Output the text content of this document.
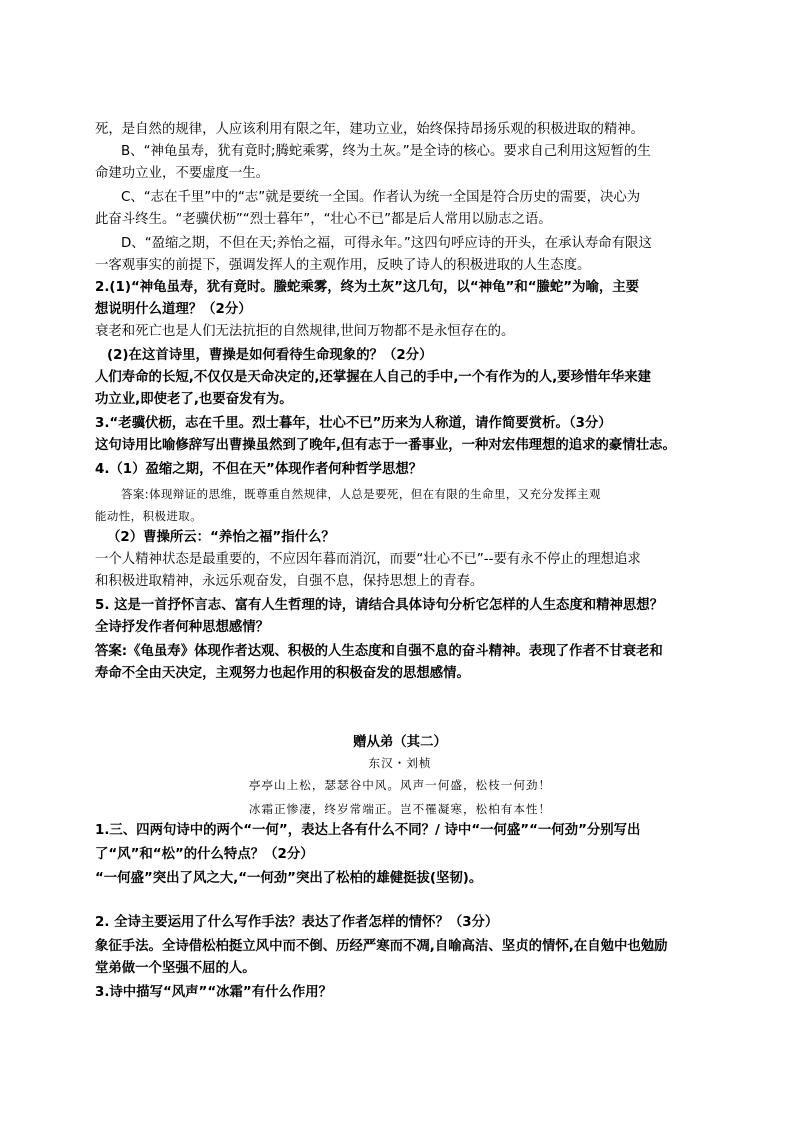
死，是自然的规律，人应该利用有限之年，建功立业，始终保持昂扬乐观的积极进取的精神。
B、“神龟虽寿，犹有竟时;腾蛇乘雾，终为土灰。”是全诗的核心。要求自己利用这短暂的生
命建功立业，不要虚度一生。
C、“志在千里”中的“志”就是要统一全国。作者认为统一全国是符合历史的需要，决心为
此奋斗终生。“老骥伏枥”“烈士暮年”，“壮心不已”都是后人常用以励志之语。
D、“盈缩之期，不但在天;养怡之福，可得永年。”这四句呼应诗的开头，在承认寿命有限这
一客观事实的前提下，强调发挥人的主观作用，反映了诗人的积极进取的人生态度。
2.(1)“神龟虽寿，犹有竟时。螣蛇乘雾，终为土灰”这几句，以“神龟”和“螣蛇”为喻，主要
想说明什么道理？（2分）
衰老和死亡也是人们无法抗拒的自然规律,世间万物都不是永恒存在的。
(2)在这首诗里，曹操是如何看待生命现象的？（2分）
人们寿命的长短,不仅仅是天命决定的,还掌握在人自己的手中,一个有作为的人,要珍惜年华来建
功立业,即使老了,也要奋发有为。
3.“老骥伏枥，志在千里。烈士暮年，壮心不已”历来为人称道，请作简要赏析。（3分）
这句诗用比喻修辞写出曹操虽然到了晚年,但有志于一番事业，一种对宏伟理想的追求的豪情壮志。
4.（1）盈缩之期，不但在天”体现作者何种哲学思想？
答案:体现辩证的思维，既尊重自然规律，人总是要死，但在有限的生命里，又充分发挥主观
能动性，积极进取。
（2）曹操所云：“养怡之福”指什么？
一个人精神状态是最重要的，不应因年暮而消沉，而要“壮心不已”--要有永不停止的理想追求
和积极进取精神，永远乐观奋发，自强不息，保持思想上的青春。
5. 这是一首抒怀言志、富有人生哲理的诗，请结合具体诗句分析它怎样的人生态度和精神思想？
全诗抒发作者何种思想感情？
答案:《龟虽寿》体现作者达观、积极的人生态度和自强不息的奋斗精神。表现了作者不甘衰老和
寿命不全由天决定，主观努力也起作用的积极奋发的思想感情。
赠从弟（其二）
东汉・刘桢
亭亭山上松，瑟瑟谷中风。风声一何盛，松枝一何劲！
冰霜正惨凄，终岁常端正。岂不罹凝寒，松柏有本性！
1.三、四两句诗中的两个“一何”，表达上各有什么不同？/ 诗中“一何盛”“一何劲”分别写出
了“风”和“松”的什么特点？（2分）
“一何盛”突出了风之大,“一何劲”突出了松柏的雄健挺拔(坚韧)。
2. 全诗主要运用了什么写作手法？表达了作者怎样的情怀？（3分）
象征手法。全诗借松柏挺立风中而不倒、历经严寒而不凋,自喻高洁、坚贞的情怀,在自勉中也勉励
堂弟做一个坚强不屈的人。
3.诗中描写“风声”“冰霜”有什么作用？
